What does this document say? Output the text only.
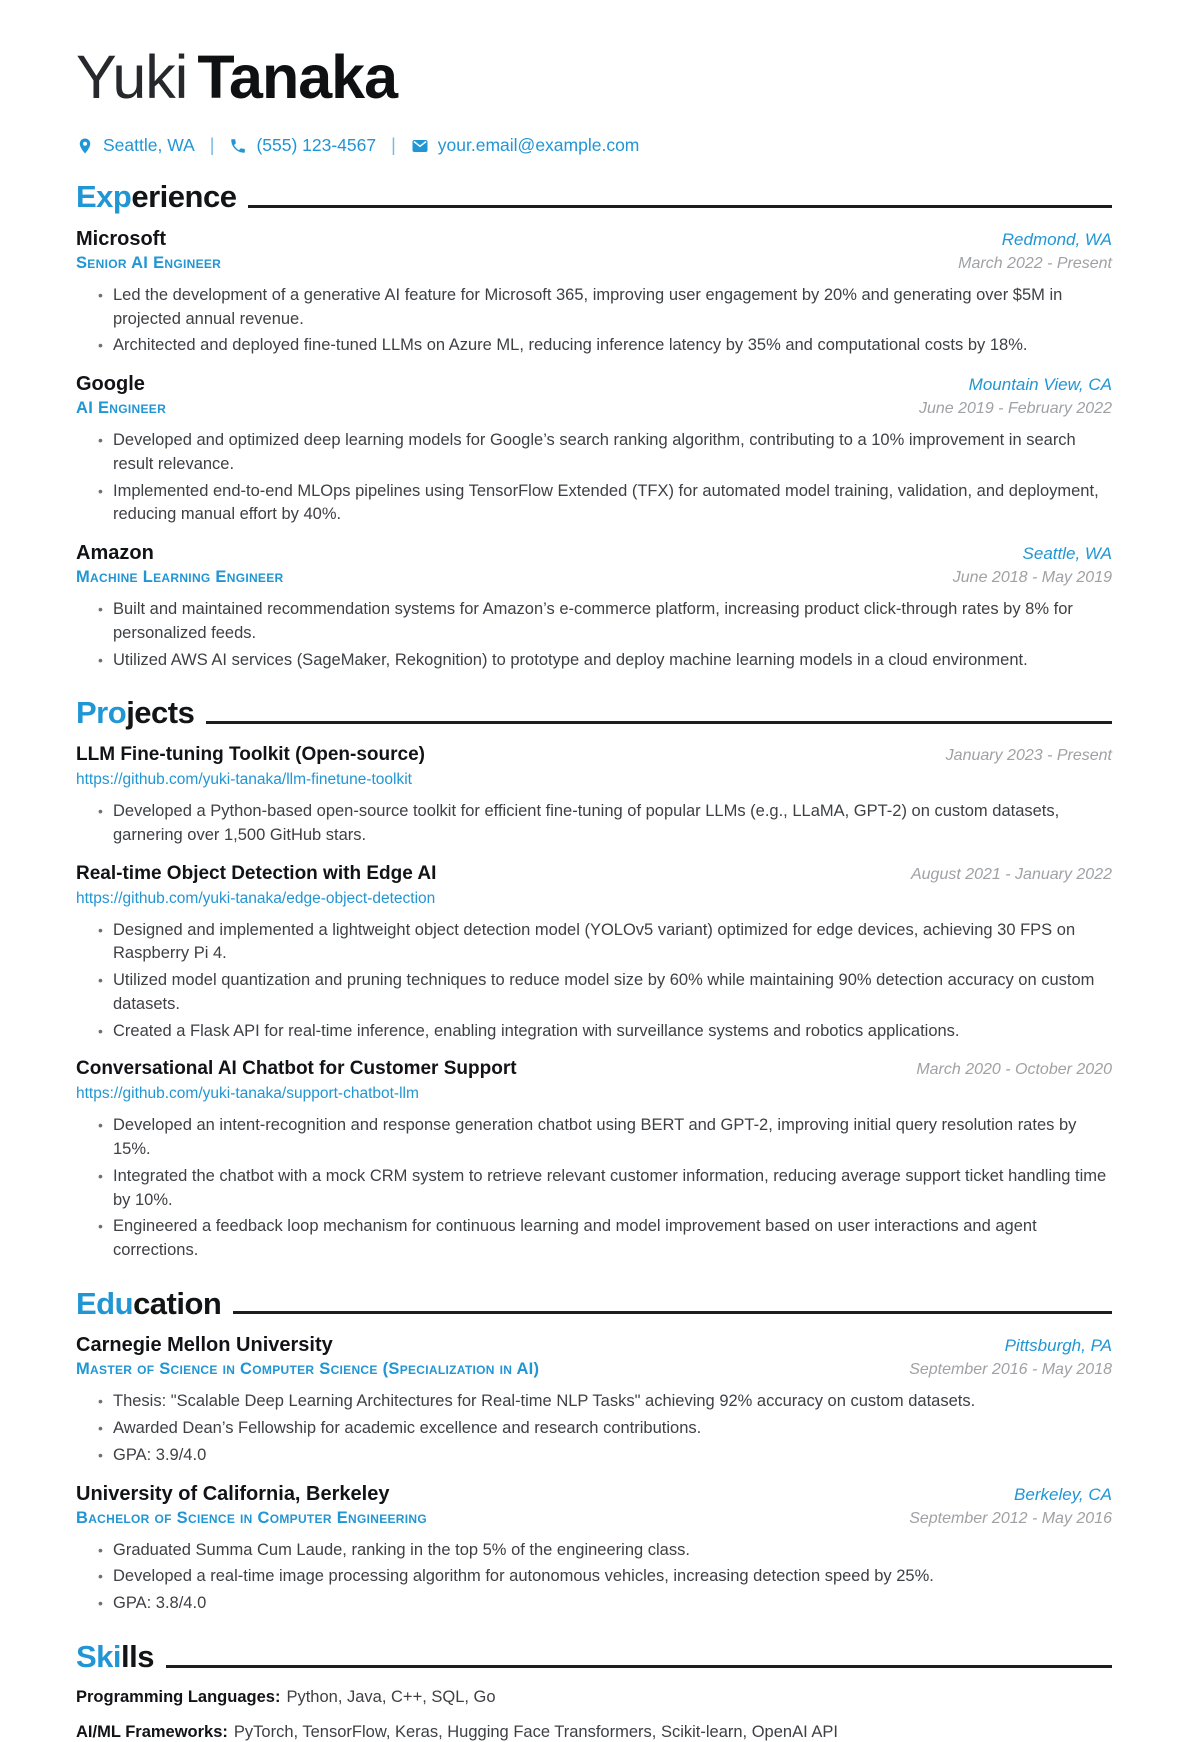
Yuki Tanaka
Seattle, WA | (555) 123-4567 | your.email@example.com
Experience
Microsoft	Redmond, WA
Senior AI Engineer	March 2022 - Present
• Led the development of a generative AI feature for Microsoft 365, improving user engagement by 20% and generating over $5M in projected annual revenue.
• Architected and deployed fine-tuned LLMs on Azure ML, reducing inference latency by 35% and computational costs by 18%.
Google	Mountain View, CA
AI Engineer	June 2019 - February 2022
• Developed and optimized deep learning models for Google’s search ranking algorithm, contributing to a 10% improvement in search result relevance.
• Implemented end-to-end MLOps pipelines using TensorFlow Extended (TFX) for automated model training, validation, and deployment, reducing manual effort by 40%.
Amazon	Seattle, WA
Machine Learning Engineer	June 2018 - May 2019
• Built and maintained recommendation systems for Amazon’s e-commerce platform, increasing product click-through rates by 8% for personalized feeds.
• Utilized AWS AI services (SageMaker, Rekognition) to prototype and deploy machine learning models in a cloud environment.
Projects
LLM Fine-tuning Toolkit (Open-source)	January 2023 - Present
https://github.com/yuki-tanaka/llm-finetune-toolkit
• Developed a Python-based open-source toolkit for efficient fine-tuning of popular LLMs (e.g., LLaMA, GPT-2) on custom datasets, garnering over 1,500 GitHub stars.
Real-time Object Detection with Edge AI	August 2021 - January 2022
https://github.com/yuki-tanaka/edge-object-detection
• Designed and implemented a lightweight object detection model (YOLOv5 variant) optimized for edge devices, achieving 30 FPS on Raspberry Pi 4.
• Utilized model quantization and pruning techniques to reduce model size by 60% while maintaining 90% detection accuracy on custom datasets.
• Created a Flask API for real-time inference, enabling integration with surveillance systems and robotics applications.
Conversational AI Chatbot for Customer Support	March 2020 - October 2020
https://github.com/yuki-tanaka/support-chatbot-llm
• Developed an intent-recognition and response generation chatbot using BERT and GPT-2, improving initial query resolution rates by 15%.
• Integrated the chatbot with a mock CRM system to retrieve relevant customer information, reducing average support ticket handling time by 10%.
• Engineered a feedback loop mechanism for continuous learning and model improvement based on user interactions and agent corrections.
Education
Carnegie Mellon University	Pittsburgh, PA
Master of Science in Computer Science (Specialization in AI)	September 2016 - May 2018
• Thesis: "Scalable Deep Learning Architectures for Real-time NLP Tasks" achieving 92% accuracy on custom datasets.
• Awarded Dean’s Fellowship for academic excellence and research contributions.
• GPA: 3.9/4.0
University of California, Berkeley	Berkeley, CA
Bachelor of Science in Computer Engineering	September 2012 - May 2016
• Graduated Summa Cum Laude, ranking in the top 5% of the engineering class.
• Developed a real-time image processing algorithm for autonomous vehicles, increasing detection speed by 25%.
• GPA: 3.8/4.0
Skills

Programming Languages: Python, Java, C++, SQL, Go

AI/ML Frameworks: PyTorch, TensorFlow, Keras, Hugging Face Transformers, Scikit-learn, OpenAI API
